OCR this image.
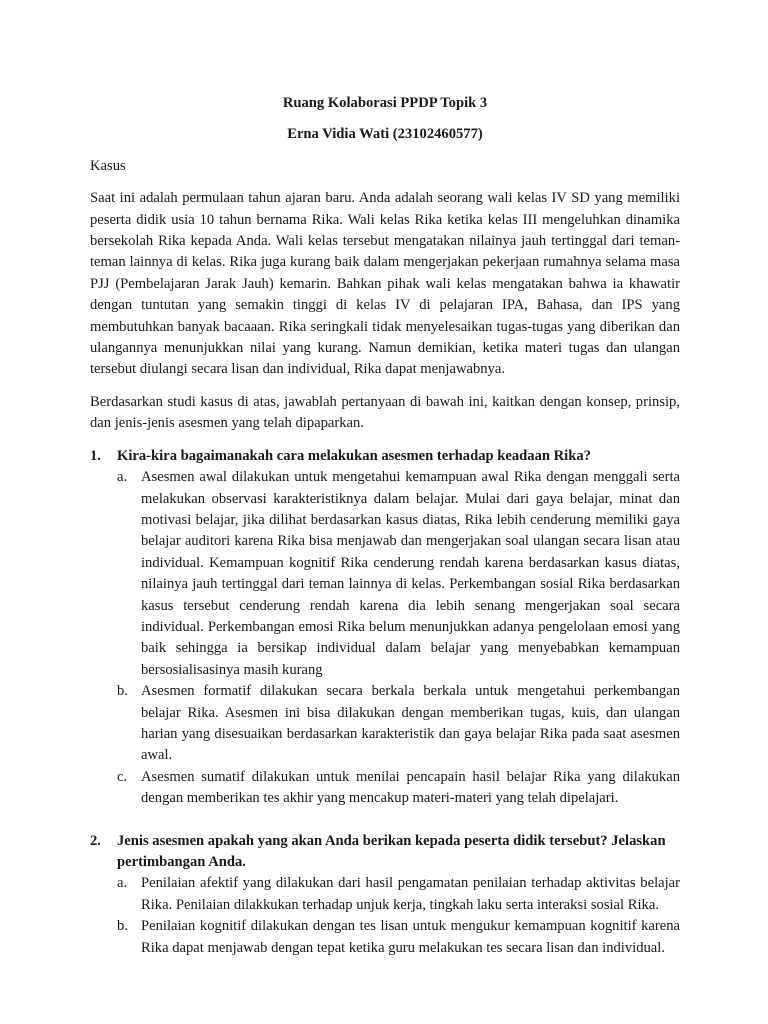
Ruang Kolaborasi PPDP Topik 3

Erna Vidia Wati (23102460577)

Kasus

Saat ini adalah permulaan tahun ajaran baru. Anda adalah seorang wali kelas IV SD yang memiliki peserta didik usia 10 tahun bernama Rika. Wali kelas Rika ketika kelas III mengeluhkan dinamika bersekolah Rika kepada Anda. Wali kelas tersebut mengatakan nilainya jauh tertinggal dari teman-teman lainnya di kelas. Rika juga kurang baik dalam mengerjakan pekerjaan rumahnya selama masa PJJ (Pembelajaran Jarak Jauh) kemarin. Bahkan pihak wali kelas mengatakan bahwa ia khawatir dengan tuntutan yang semakin tinggi di kelas IV di pelajaran IPA, Bahasa, dan IPS yang membutuhkan banyak bacaaan. Rika seringkali tidak menyelesaikan tugas-tugas yang diberikan dan ulangannya menunjukkan nilai yang kurang. Namun demikian, ketika materi tugas dan ulangan tersebut diulangi secara lisan dan individual, Rika dapat menjawabnya.

Berdasarkan studi kasus di atas, jawablah pertanyaan di bawah ini, kaitkan dengan konsep, prinsip, dan jenis-jenis asesmen yang telah dipaparkan.

1.	Kira-kira bagaimanakah cara melakukan asesmen terhadap keadaan Rika?
a. Asesmen awal dilakukan untuk mengetahui kemampuan awal Rika dengan menggali serta melakukan observasi karakteristiknya dalam belajar. Mulai dari gaya belajar, minat dan motivasi belajar, jika dilihat berdasarkan kasus diatas, Rika lebih cenderung memiliki gaya belajar auditori karena Rika bisa menjawab dan mengerjakan soal ulangan secara lisan atau individual. Kemampuan kognitif Rika cenderung rendah karena berdasarkan kasus diatas, nilainya jauh tertinggal dari teman lainnya di kelas. Perkembangan sosial Rika berdasarkan kasus tersebut cenderung rendah karena dia lebih senang mengerjakan soal secara individual. Perkembangan emosi Rika belum menunjukkan adanya pengelolaan emosi yang baik sehingga ia bersikap individual dalam belajar yang menyebabkan kemampuan bersosialisasinya masih kurang
b. Asesmen formatif dilakukan secara berkala berkala untuk mengetahui perkembangan belajar Rika. Asesmen ini bisa dilakukan dengan memberikan tugas, kuis, dan ulangan harian yang disesuaikan berdasarkan karakteristik dan gaya belajar Rika pada saat asesmen awal.
c. Asesmen sumatif dilakukan untuk menilai pencapain hasil belajar Rika yang dilakukan dengan memberikan tes akhir yang mencakup materi-materi yang telah dipelajari.
2.	Jenis asesmen apakah yang akan Anda berikan kepada peserta didik tersebut? Jelaskan pertimbangan Anda.
a. Penilaian afektif yang dilakukan dari hasil pengamatan penilaian terhadap aktivitas belajar Rika. Penilaian dilakkukan terhadap unjuk kerja, tingkah laku serta interaksi sosial Rika.
b. Penilaian kognitif dilakukan dengan tes lisan untuk mengukur kemampuan kognitif karena Rika dapat menjawab dengan tepat ketika guru melakukan tes secara lisan dan individual.
